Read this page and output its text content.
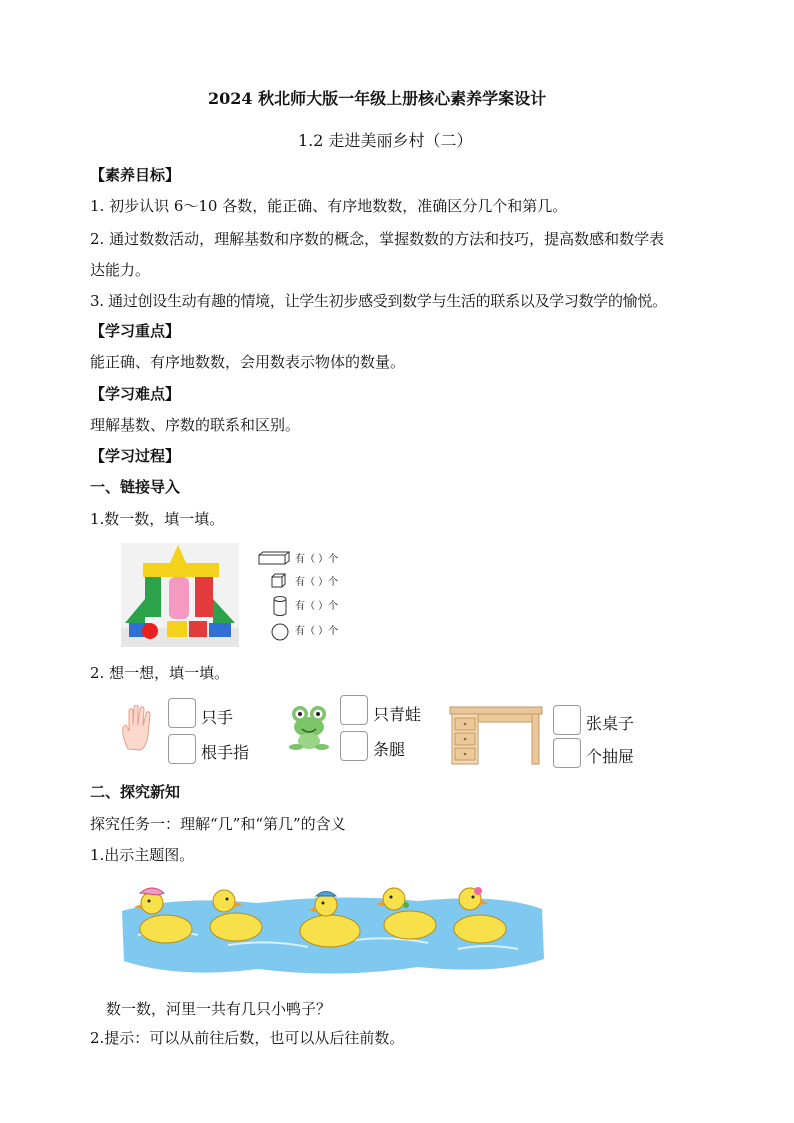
2024 秋北师大版一年级上册核心素养学案设计
1.2 走进美丽乡村（二）
【素养目标】
1. 初步认识 6～10 各数，能正确、有序地数数，准确区分几个和第几。
2. 通过数数活动，理解基数和序数的概念，掌握数数的方法和技巧，提高数感和数学表
达能力。
3. 通过创设生动有趣的情境，让学生初步感受到数学与生活的联系以及学习数学的愉悦。
【学习重点】
能正确、有序地数数，会用数表示物体的数量。
【学习难点】
理解基数、序数的联系和区别。
【学习过程】
一、链接导入
1.数一数，填一填。
有（ ）个
有（ ）个
有（ ）个
有（ ）个
2. 想一想，填一填。
只手
根手指
只青蛙
条腿
张桌子
个抽屉
二、探究新知
探究任务一：理解“几”和“第几”的含义
1.出示主题图。
数一数，河里一共有几只小鸭子？
2.提示：可以从前往后数，也可以从后往前数。
